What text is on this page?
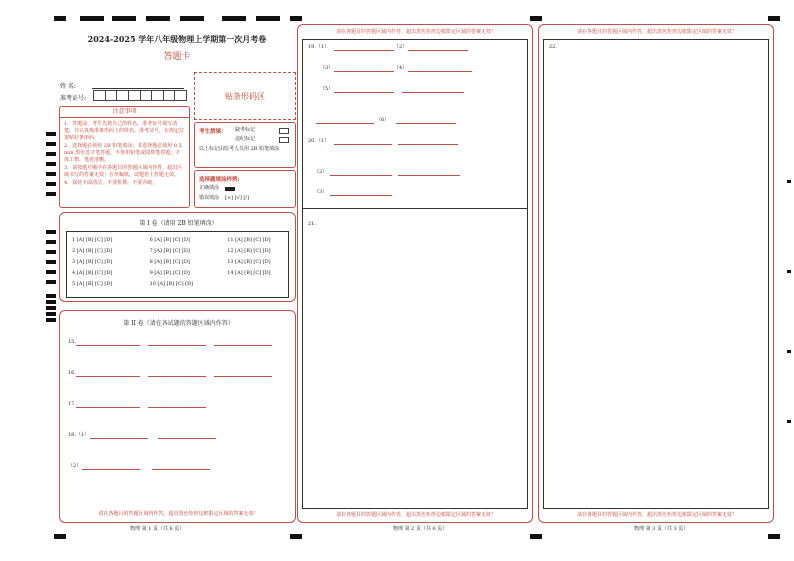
2024-2025 学年八年级物理上学期第一次月考卷
答题卡
姓 名:
准考证号:	贴条形码区
注意事项
1．答题前，考生先将自己的姓名、准考证号填写清楚，并认真核准条形码上的姓名、准考证号，在规定位置贴好条形码。
2．选择题必须用 2B 铅笔填涂；非选择题必须用 0.5 mm 黑色签字笔答题，不得用铅笔或圆珠笔答题；字体工整、笔迹清晰。
3．请按题号顺序在各题目的答题区域内作答，超出区域书写的答案无效；在草稿纸、试题卷上答题无效。
4．保持卡面清洁，不要折叠、不要弄破。
考生禁填： 缺考标记
违纪标记
以上标记由监考人员用 2B 铅笔填涂
选择题填涂样例:
正确填涂
错误填涂 [×] [√] [/]
第 I 卷（请用 2B 铅笔填涂）
1 [A] [B] [C] [D]	6 [A] [B] [C] [D]	11 [A] [B] [C] [D]
2 [A] [B] [C] [D]	7 [A] [B] [C] [D]	12 [A] [B] [C] [D]
3 [A] [B] [C] [D]	8 [A] [B] [C] [D]	13 [A] [B] [C] [D]
4 [A] [B] [C] [D]	9 [A] [B] [C] [D]	14 [A] [B] [C] [D]
5 [A] [B] [C] [D]	10 [A] [B] [C] [D]
第 II 卷（请在各试题的答题区域内作答）
15.
16.
17.
18.（1）
（2）
请在各题目的答题区域内作答，超出黑色矩形边框限定区域的答案无效！
物理 第 1 页（共 6 页）
请在各题目的答题区域内作答，超出黑色矩形边框限定区域的答案无效！
19.（1）	（2）
（3）	（4）
（5）
（6）
20.（1）
（2）
（3）
21.
请在各题目的答题区域内作答，超出黑色矩形边框限定区域的答案无效！
物理 第 2 页（共 6 页）
请在各题目的答题区域内作答，超出黑色矩形边框限定区域的答案无效！
22.
请在各题目的答题区域内作答，超出黑色矩形边框限定区域的答案无效！
物理 第 3 页（共 3 页）
